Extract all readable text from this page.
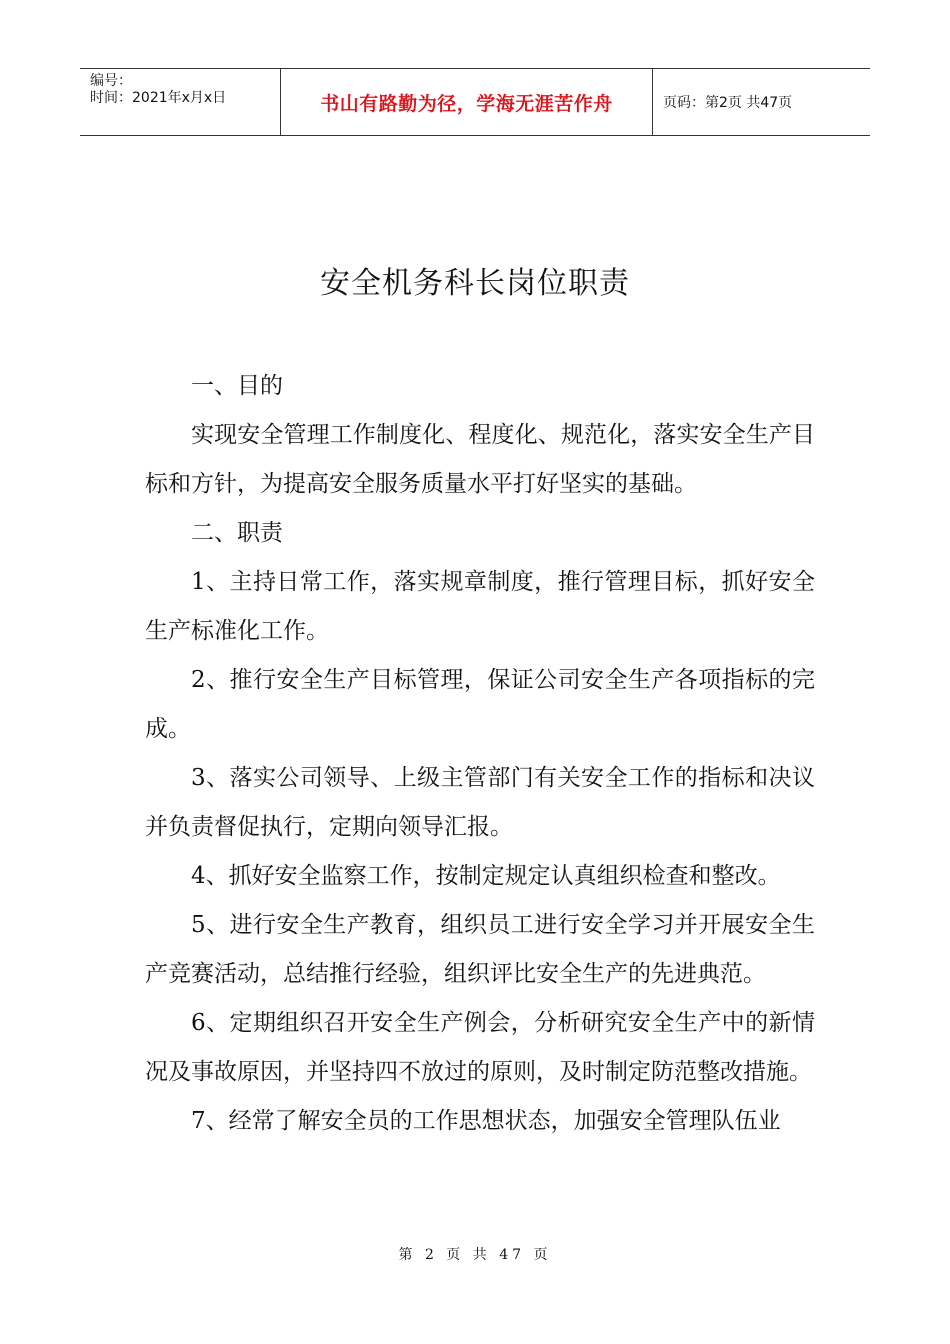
编号：
时间：2021年x月x日	书山有路勤为径，学海无涯苦作舟	页码：第2页 共47页
安全机务科长岗位职责

一、目的

实现安全管理工作制度化、程度化、规范化，落实安全生产目标和方针，为提高安全服务质量水平打好坚实的基础。

二、职责

1、主持日常工作，落实规章制度，推行管理目标，抓好安全生产标准化工作。

2、推行安全生产目标管理，保证公司安全生产各项指标的完成。

3、落实公司领导、上级主管部门有关安全工作的指标和决议并负责督促执行，定期向领导汇报。

4、抓好安全监察工作，按制定规定认真组织检查和整改。

5、进行安全生产教育，组织员工进行安全学习并开展安全生产竞赛活动，总结推行经验，组织评比安全生产的先进典范。

6、定期组织召开安全生产例会，分析研究安全生产中的新情况及事故原因，并坚持四不放过的原则，及时制定防范整改措施。

7、经常了解安全员的工作思想状态，加强安全管理队伍业

第 2 页 共 47 页
